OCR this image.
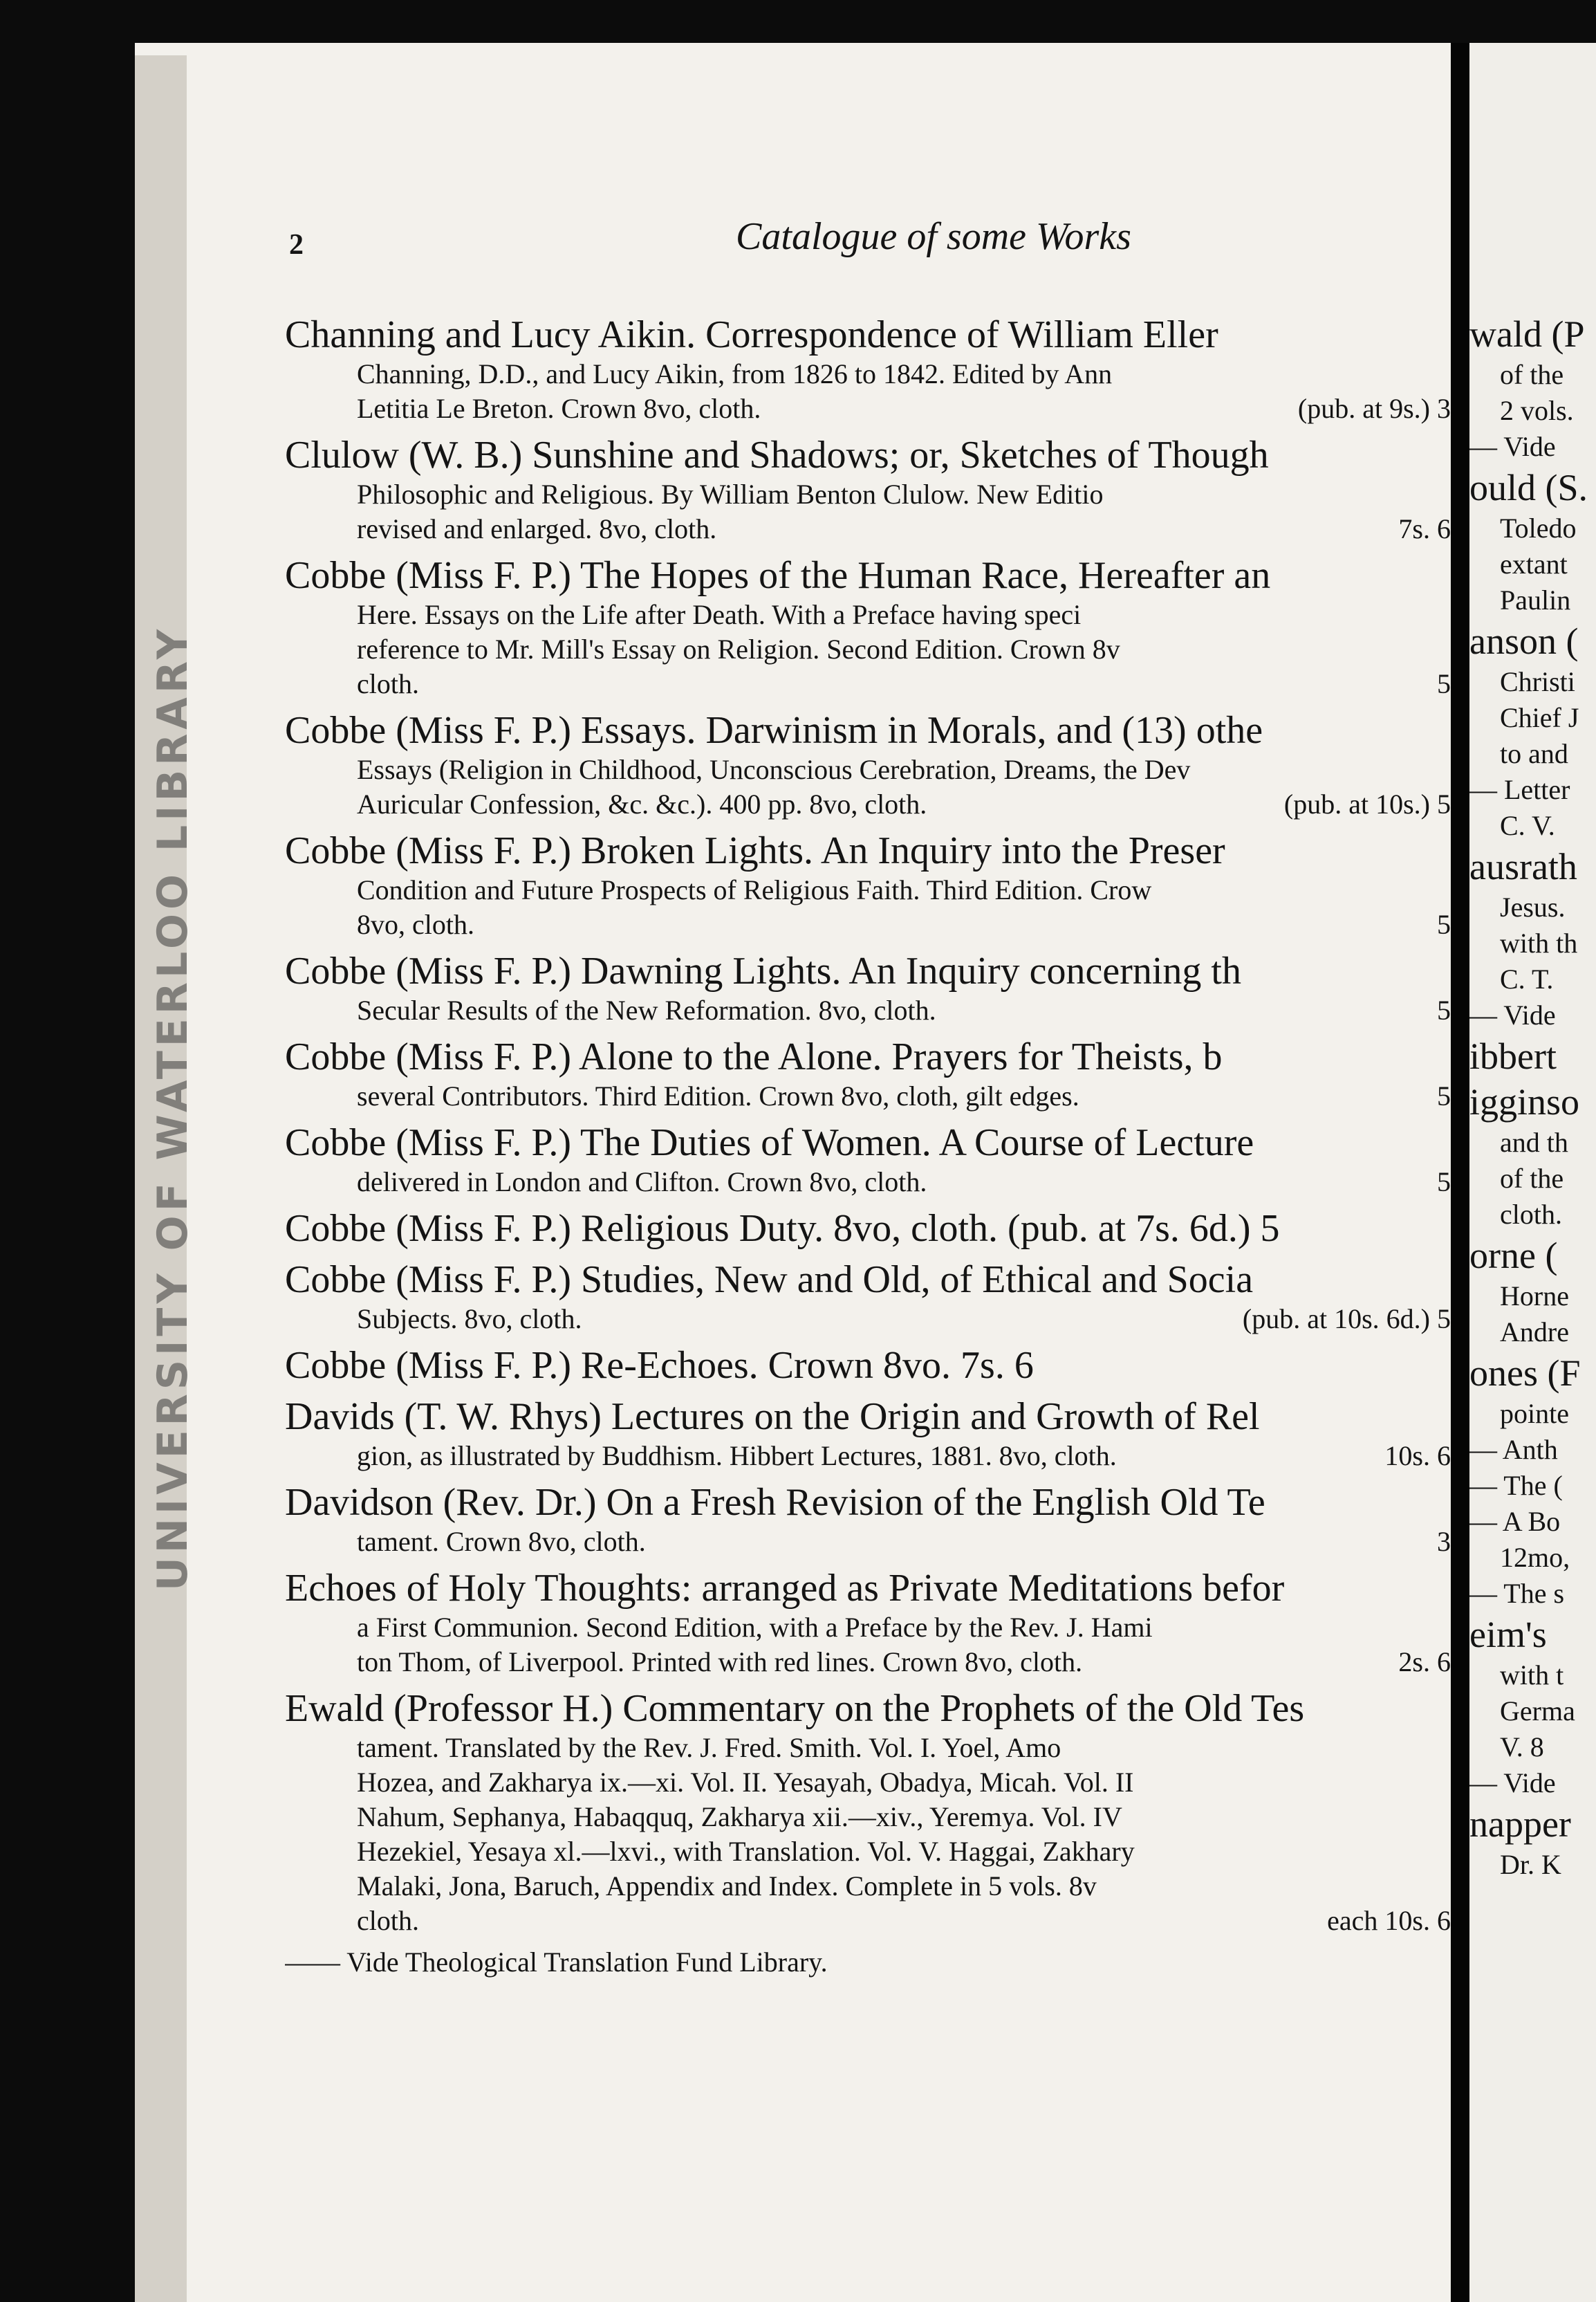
UNIVERSITY OF WATERLOO LIBRARY
2	Catalogue of some Works
Channing and Lucy Aikin. Correspondence of William Eller
Channing, D.D., and Lucy Aikin, from 1826 to 1842. Edited by Ann
Letitia Le Breton. Crown 8vo, cloth.	(pub. at 9s.) 3
Clulow (W. B.) Sunshine and Shadows; or, Sketches of Though
Philosophic and Religious. By William Benton Clulow. New Editio
revised and enlarged. 8vo, cloth.	7s. 6
Cobbe (Miss F. P.) The Hopes of the Human Race, Hereafter an
Here. Essays on the Life after Death. With a Preface having speci
reference to Mr. Mill's Essay on Religion. Second Edition. Crown 8v
cloth.	5
Cobbe (Miss F. P.) Essays. Darwinism in Morals, and (13) othe
Essays (Religion in Childhood, Unconscious Cerebration, Dreams, the Dev
Auricular Confession, &c. &c.). 400 pp. 8vo, cloth.	(pub. at 10s.) 5
Cobbe (Miss F. P.) Broken Lights. An Inquiry into the Preser
Condition and Future Prospects of Religious Faith. Third Edition. Crow
8vo, cloth.	5
Cobbe (Miss F. P.) Dawning Lights. An Inquiry concerning th
Secular Results of the New Reformation. 8vo, cloth.	5
Cobbe (Miss F. P.) Alone to the Alone. Prayers for Theists, b
several Contributors. Third Edition. Crown 8vo, cloth, gilt edges.	5
Cobbe (Miss F. P.) The Duties of Women. A Course of Lecture
delivered in London and Clifton. Crown 8vo, cloth.	5
Cobbe (Miss F. P.) Religious Duty. 8vo, cloth. (pub. at 7s. 6d.) 5
Cobbe (Miss F. P.) Studies, New and Old, of Ethical and Socia
Subjects. 8vo, cloth.	(pub. at 10s. 6d.) 5
Cobbe (Miss F. P.) Re-Echoes. Crown 8vo. 7s. 6
Davids (T. W. Rhys) Lectures on the Origin and Growth of Rel
gion, as illustrated by Buddhism. Hibbert Lectures, 1881. 8vo, cloth.	10s. 6
Davidson (Rev. Dr.) On a Fresh Revision of the English Old Te
tament. Crown 8vo, cloth.	3
Echoes of Holy Thoughts: arranged as Private Meditations befor
a First Communion. Second Edition, with a Preface by the Rev. J. Hami
ton Thom, of Liverpool. Printed with red lines. Crown 8vo, cloth.	2s. 6
Ewald (Professor H.) Commentary on the Prophets of the Old Tes
tament. Translated by the Rev. J. Fred. Smith. Vol. I. Yoel, Amo
Hozea, and Zakharya ix.—xi. Vol. II. Yesayah, Obadya, Micah. Vol. II
Nahum, Sephanya, Habaqquq, Zakharya xii.—xiv., Yeremya. Vol. IV
Hezekiel, Yesaya xl.—lxvi., with Translation. Vol. V. Haggai, Zakhary
Malaki, Jona, Baruch, Appendix and Index. Complete in 5 vols. 8v
cloth.	each 10s. 6
—— Vide Theological Translation Fund Library.
wald (P
of the
2 vols.
— Vide
ould (S.
Toledo
extant
Paulin
anson (
Christi
Chief J
to and
— Letter
C. V.
ausrath
Jesus.
with th
C. T.
— Vide
ibbert
igginso
and th
of the
cloth.
orne (
Horne
Andre
ones (F
pointe
— Anth
— The (
— A Bo
12mo,
— The s
eim's
with t
Germa
V. 8
— Vide
napper
Dr. K
